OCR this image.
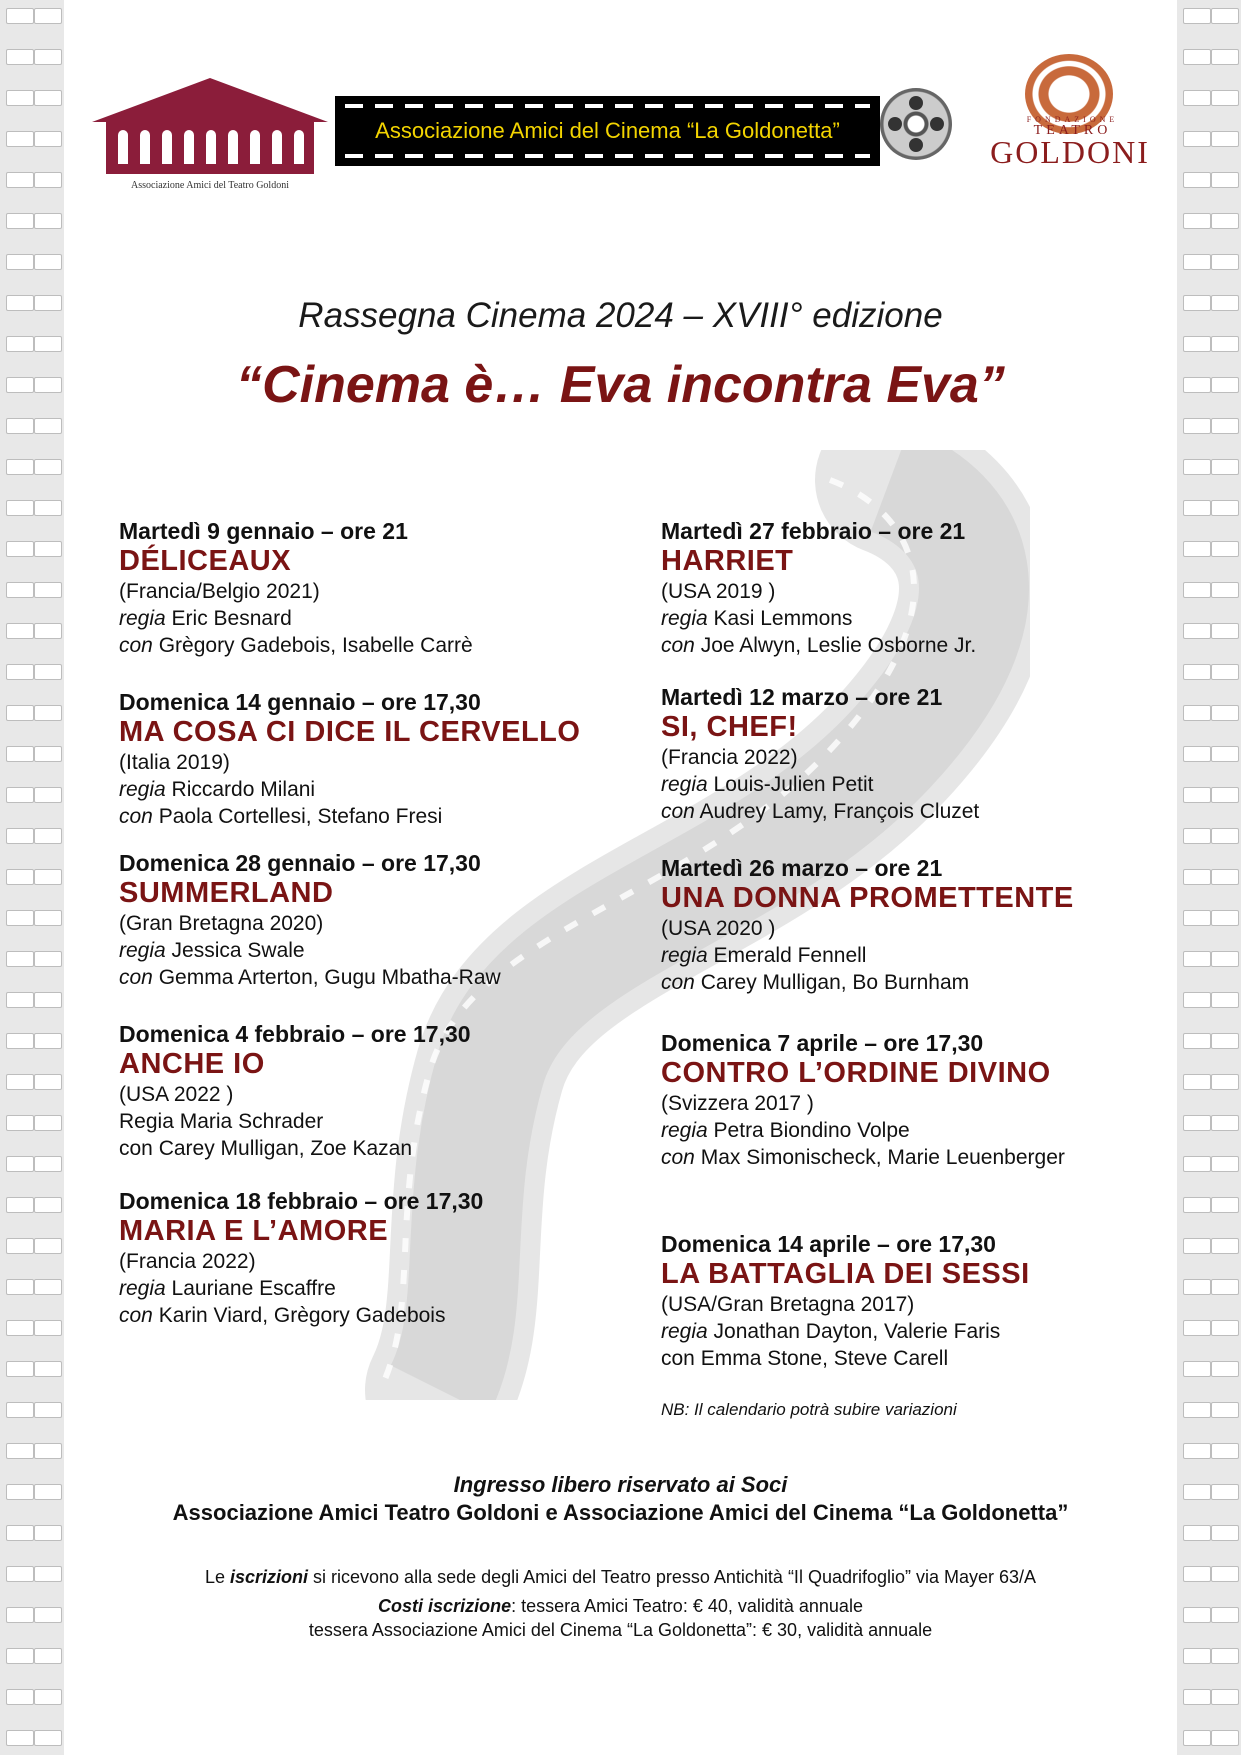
Associazione Amici del Teatro Goldoni
Associazione Amici del Cinema “La Goldonetta”	FONDAZIONE
TEATRO
GOLDONI
Rassegna Cinema 2024 – XVIII° edizione
“Cinema è… Eva incontra Eva”
Martedì 9 gennaio – ore 21
DÉLICEAUX
(Francia/Belgio 2021)
regia Eric Besnard
con Grègory Gadebois, Isabelle Carrè
Domenica 14 gennaio – ore 17,30
MA COSA CI DICE IL CERVELLO
(Italia 2019)
regia Riccardo Milani
con Paola Cortellesi, Stefano Fresi
Domenica 28 gennaio – ore 17,30
SUMMERLAND
(Gran Bretagna 2020)
regia Jessica Swale
con Gemma Arterton, Gugu Mbatha-Raw
Domenica 4 febbraio – ore 17,30
ANCHE IO
(USA 2022 )
Regia Maria Schrader
con Carey Mulligan, Zoe Kazan
Domenica 18 febbraio – ore 17,30
MARIA E L’AMORE
(Francia 2022)
regia Lauriane Escaffre
con Karin Viard, Grègory Gadebois
Martedì 27 febbraio – ore 21
HARRIET
(USA 2019 )
regia Kasi Lemmons
con Joe Alwyn, Leslie Osborne Jr.
Martedì 12 marzo – ore 21
SI, CHEF!
(Francia 2022)
regia Louis-Julien Petit
con Audrey Lamy, François Cluzet
Martedì 26 marzo – ore 21
UNA DONNA PROMETTENTE
(USA 2020 )
regia Emerald Fennell
con Carey Mulligan, Bo Burnham
Domenica 7 aprile – ore 17,30
CONTRO L’ORDINE DIVINO
(Svizzera 2017 )
regia Petra Biondino Volpe
con Max Simonischeck, Marie Leuenberger
Domenica 14 aprile – ore 17,30
LA BATTAGLIA DEI SESSI
(USA/Gran Bretagna 2017)
regia Jonathan Dayton, Valerie Faris
con Emma Stone, Steve Carell
NB: Il calendario potrà subire variazioni
Ingresso libero riservato ai Soci
Associazione Amici Teatro Goldoni e Associazione Amici del Cinema “La Goldonetta”
Le iscrizioni si ricevono alla sede degli Amici del Teatro presso Antichità “Il Quadrifoglio” via Mayer 63/A
Costi iscrizione: tessera Amici Teatro: € 40, validità annuale
tessera Associazione Amici del Cinema “La Goldonetta”: € 30, validità annuale
